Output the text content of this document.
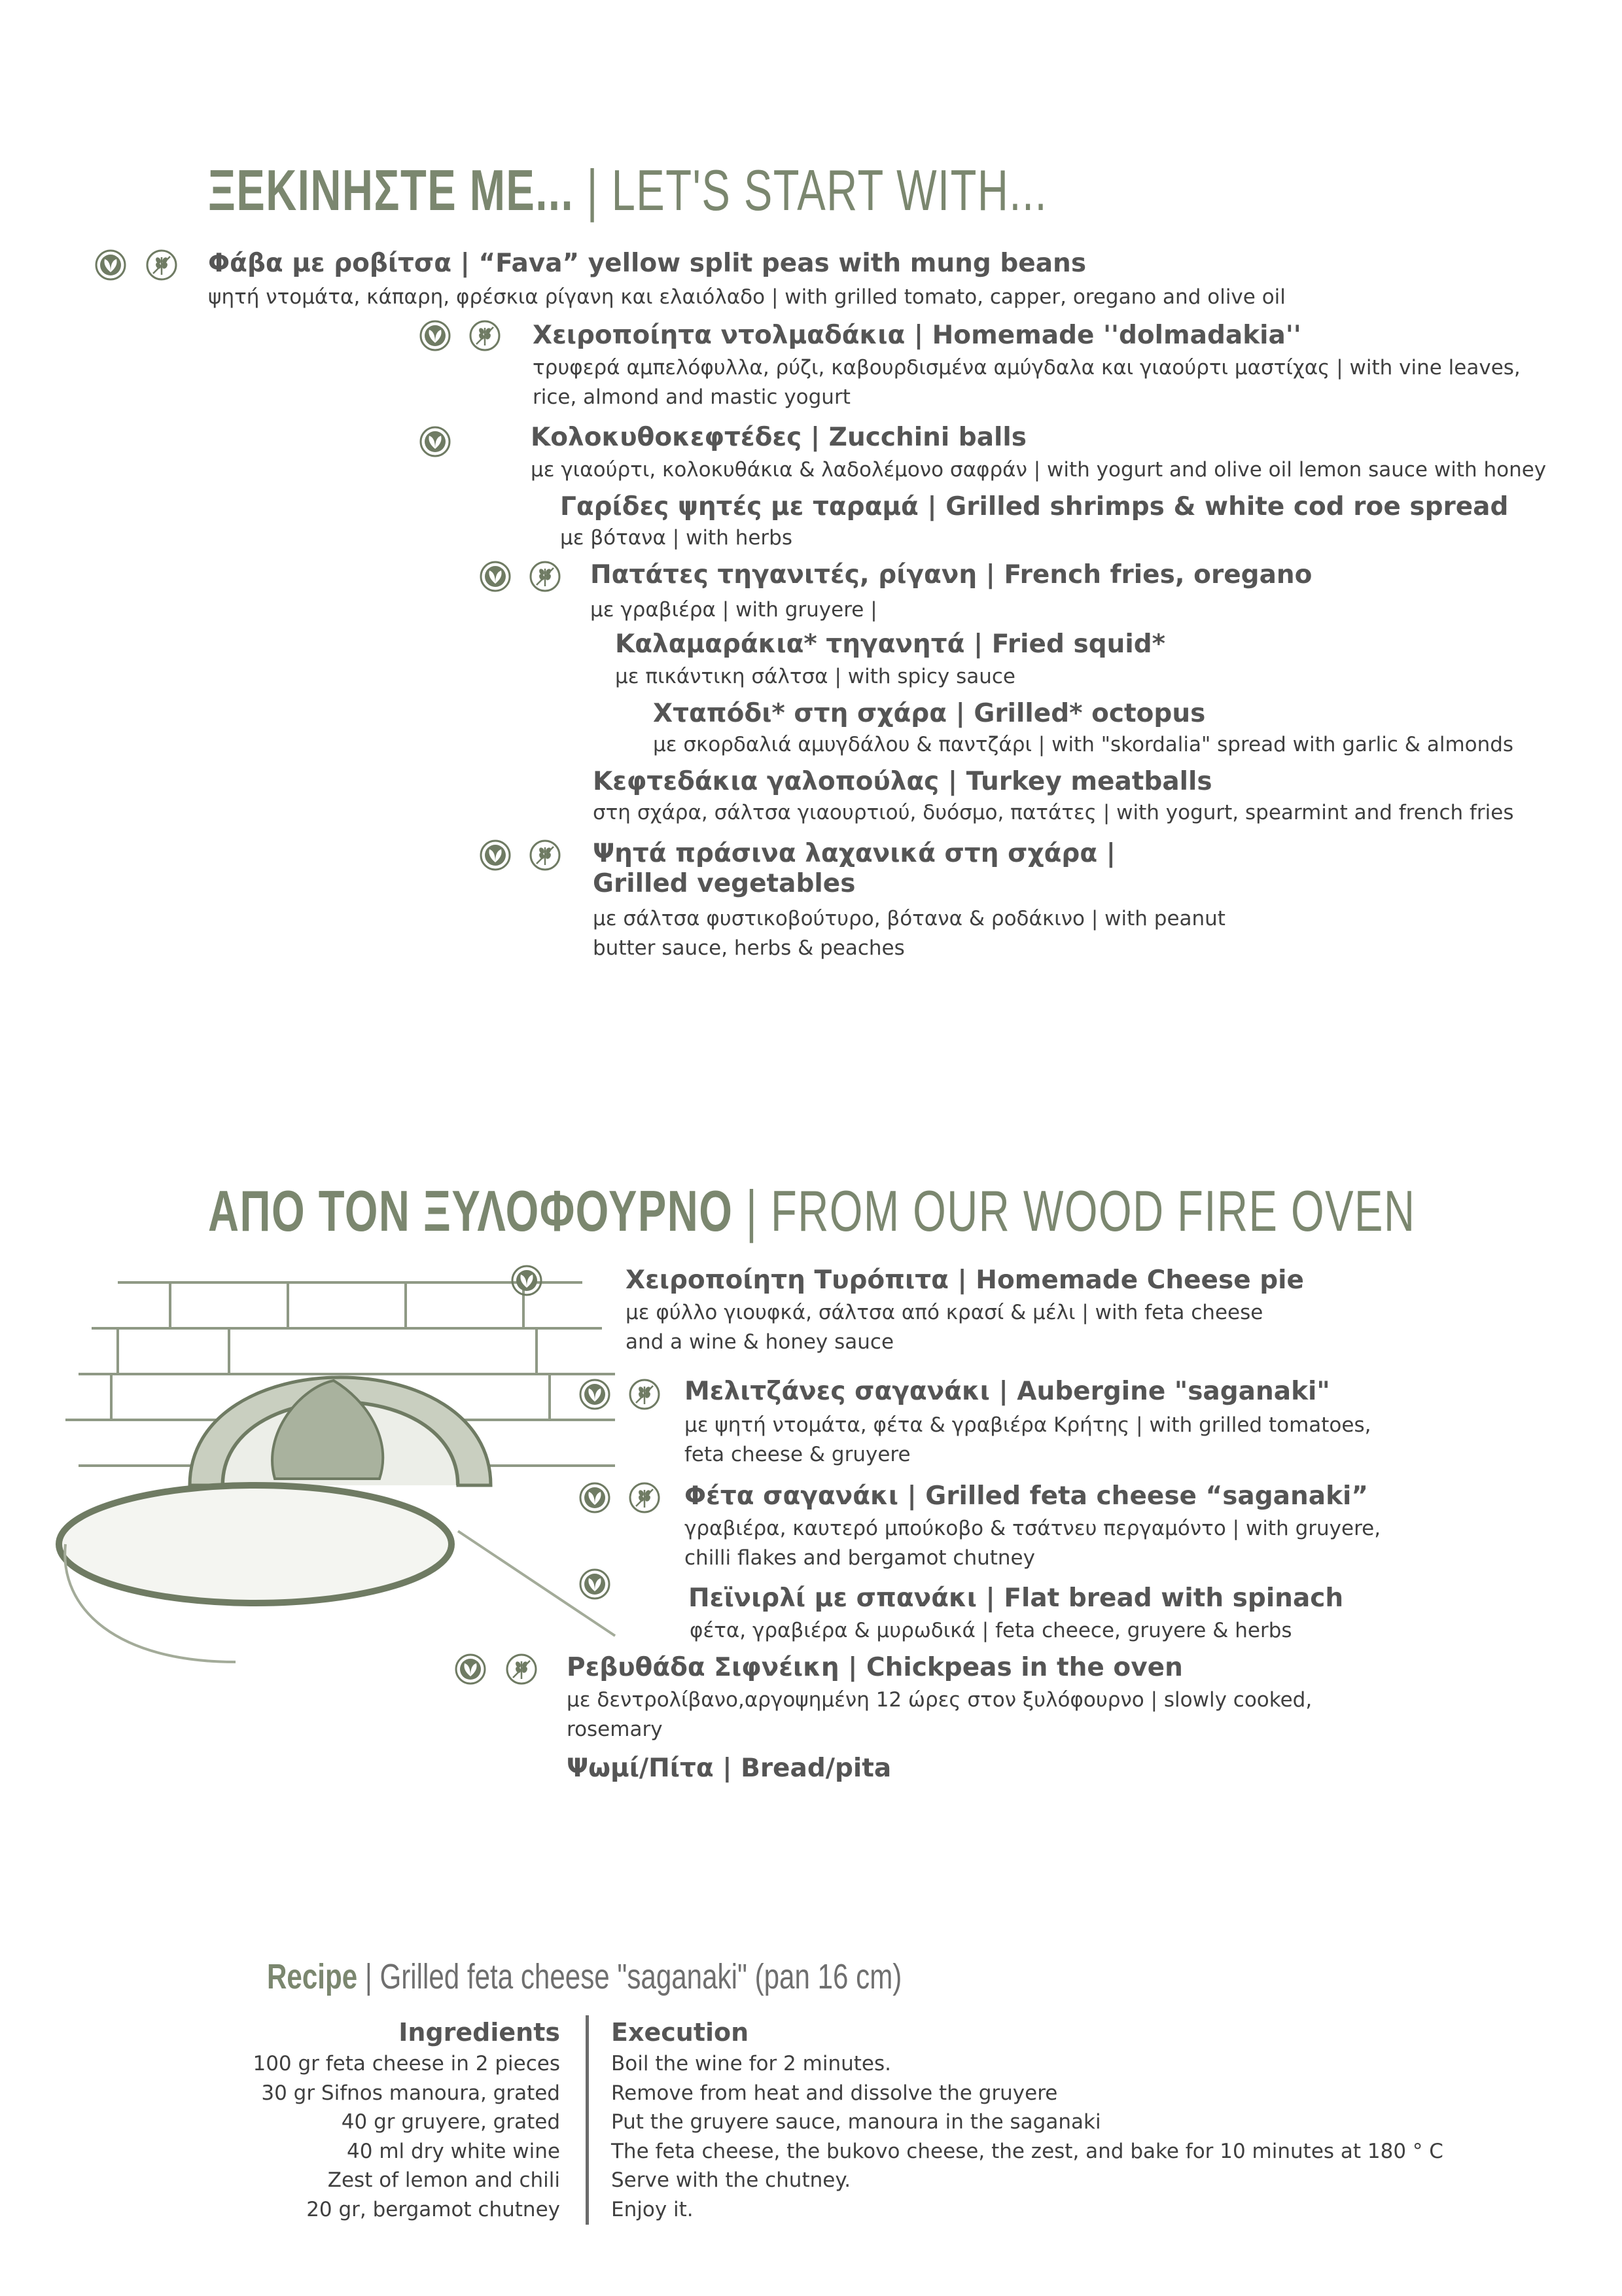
ΞΕΚΙΝΗΣΤΕ ΜΕ... | LET'S START WITH...
Φάβα με ροβίτσα | “Fava” yellow split peas with mung beans
ψητή ντομάτα, κάπαρη, φρέσκια ρίγανη και ελαιόλαδο | with grilled tomato, capper, oregano and olive oil
Χειροποίητα ντολμαδάκια | Homemade ''dolmadakia''
τρυφερά αμπελόφυλλα, ρύζι, καβουρδισμένα αμύγδαλα και γιαούρτι μαστίχας | with vine leaves, rice, almond and mastic yogurt
Κολοκυθοκεφτέδες | Zucchini balls
με γιαούρτι, κολοκυθάκια & λαδολέμονο σαφράν | with yogurt and olive oil lemon sauce with honey
Γαρίδες ψητές με ταραμά | Grilled shrimps & white cod roe spread
με βότανα | with herbs
Πατάτες τηγανιτές, ρίγανη | French fries, oregano
με γραβιέρα | with gruyere |
Καλαμαράκια* τηγανητά | Fried squid*
με πικάντικη σάλτσα | with spicy sauce
Χταπόδι* στη σχάρα | Grilled* octopus
με σκορδαλιά αμυγδάλου & παντζάρι | with "skordalia" spread with garlic & almonds
Κεφτεδάκια γαλοπούλας | Turkey meatballs
στη σχάρα, σάλτσα γιαουρτιού, δυόσμο, πατάτες | with yogurt, spearmint and french fries
Ψητά πράσινα λαχανικά στη σχάρα | Grilled vegetables
με σάλτσα φυστικοβούτυρο, βότανα & ροδάκινο | with peanut butter sauce, herbs & peaches
ΑΠΟ ΤΟΝ ΞΥΛΟΦΟΥΡΝΟ | FROM OUR WOOD FIRE OVEN
Χειροποίητη Τυρόπιτα | Homemade Cheese pie
με φύλλο γιουφκά, σάλτσα από κρασί & μέλι | with feta cheese and a wine & honey sauce
Μελιτζάνες σαγανάκι | Aubergine "saganaki"
με ψητή ντομάτα, φέτα & γραβιέρα Κρήτης | with grilled tomatoes, feta cheese & gruyere
Φέτα σαγανάκι | Grilled feta cheese “saganaki”
γραβιέρα, καυτερό μπούκοβο & τσάτνευ περγαμόντο | with gruyere, chilli flakes and bergamot chutney
Πεϊνιρλί με σπανάκι | Flat bread with spinach
φέτα, γραβιέρα & μυρωδικά | feta cheece, gruyere & herbs
Ρεβυθάδα Σιφνέικη | Chickpeas in the oven
με δεντρολίβανο,αργοψημένη 12 ώρες στον ξυλόφουρνο | slowly cooked, rosemary
Ψωμί/Πίτα | Bread/pita
Recipe | Grilled feta cheese "saganaki" (pan 16 cm)
Ingredients
100 gr feta cheese in 2 pieces
30 gr Sifnos manoura, grated
40 gr gruyere, grated
40 ml dry white wine
Zest of lemon and chili
20 gr, bergamot chutney
Execution
Boil the wine for 2 minutes.
Remove from heat and dissolve the gruyere
Put the gruyere sauce, manoura in the saganaki
The feta cheese, the bukovo cheese, the zest, and bake for 10 minutes at 180 ° C
Serve with the chutney.
Enjoy it.
